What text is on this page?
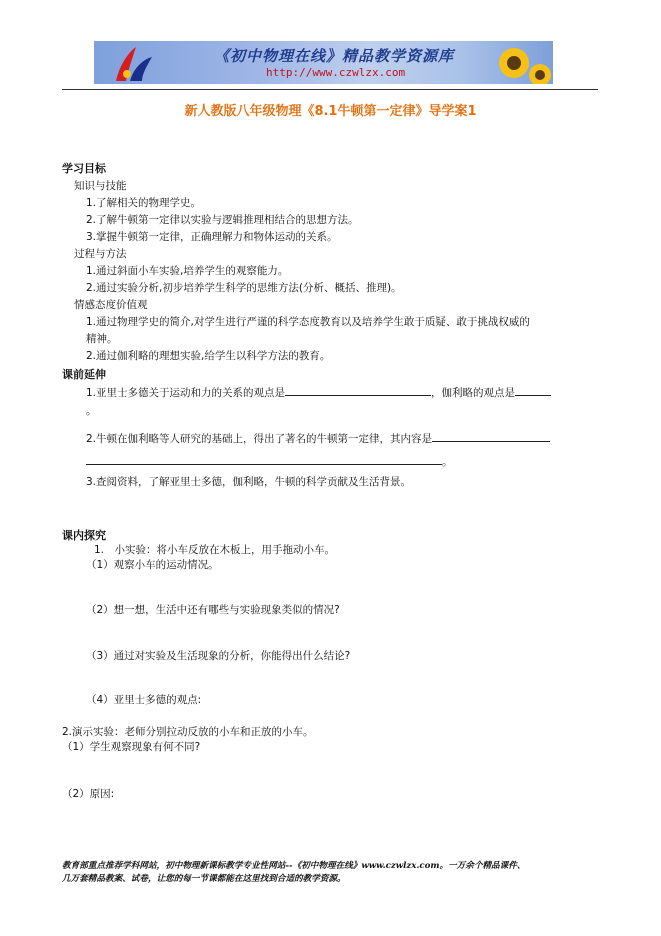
《初中物理在线》精品教学资源库
http://www.czwlzx.com
新人教版八年级物理《8.1牛顿第一定律》导学案1
学习目标
知识与技能
1.了解相关的物理学史。
2.了解牛顿第一定律以实验与逻辑推理相结合的思想方法。
3.掌握牛顿第一定律，正确理解力和物体运动的关系。
过程与方法
1.通过斜面小车实验,培养学生的观察能力。
2.通过实验分析,初步培养学生科学的思维方法(分析、概括、推理)。
情感态度价值观
1.通过物理学史的简介,对学生进行严谨的科学态度教育以及培养学生敢于质疑、敢于挑战权威的
精神。
2.通过伽利略的理想实验,给学生以科学方法的教育。
课前延伸
1.亚里士多德关于运动和力的关系的观点是	，伽利略的观点是
。
2.牛顿在伽利略等人研究的基础上，得出了著名的牛顿第一定律，其内容是
。
3.查阅资料，了解亚里士多德，伽利略，牛顿的科学贡献及生活背景。
课内探究
1.　小实验：将小车反放在木板上，用手拖动小车。
（1）观察小车的运动情况。
（2）想一想，生活中还有哪些与实验现象类似的情况?
（3）通过对实验及生活现象的分析，你能得出什么结论?
（4）亚里士多德的观点:
2.演示实验：老师分别拉动反放的小车和正放的小车。
（1）学生观察现象有何不同?
（2）原因:
教育部重点推荐学科网站，初中物理新课标教学专业性网站--《初中物理在线》www.czwlzx.com。一万余个精品课件、
几万套精品教案、试卷，让您的每一节课都能在这里找到合适的教学资源。
